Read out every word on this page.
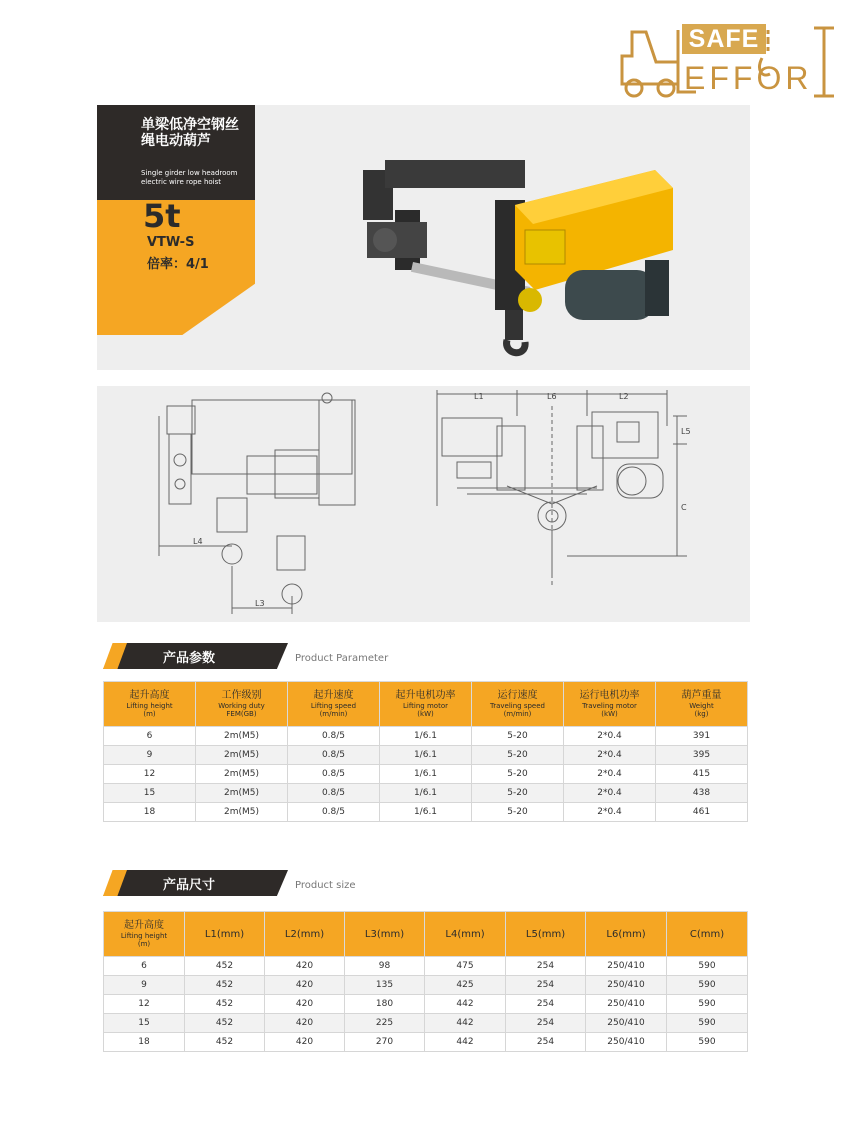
SAFE
EFFOR
单梁低净空钢丝绳电动葫芦
Single girder low headroom electric wire rope hoist
5t
VTW-S
倍率：4/1
L1	L6	L2
L5
C
L4
L3
产品参数	Product Parameter
起升高度
Lifting height
(m)	工作级别
Working duty
FEM(GB)	起升速度
Lifting speed
(m/min)	起升电机功率
Lifting motor
(kW)	运行速度
Traveling speed
(m/min)	运行电机功率
Traveling motor
(kW)	葫芦重量
Weight
(kg)

6	2m(M5)	0.8/5	1/6.1	5-20	2*0.4	391
9	2m(M5)	0.8/5	1/6.1	5-20	2*0.4	395
12	2m(M5)	0.8/5	1/6.1	5-20	2*0.4	415
15	2m(M5)	0.8/5	1/6.1	5-20	2*0.4	438
18	2m(M5)	0.8/5	1/6.1	5-20	2*0.4	461
产品尺寸	Product size
起升高度
Lifting height
(m)	L1(mm)	L2(mm)	L3(mm)	L4(mm)	L5(mm)	L6(mm)	C(mm)
6	452	420	98	475	254	250/410	590
9	452	420	135	425	254	250/410	590
12	452	420	180	442	254	250/410	590
15	452	420	225	442	254	250/410	590
18	452	420	270	442	254	250/410	590
